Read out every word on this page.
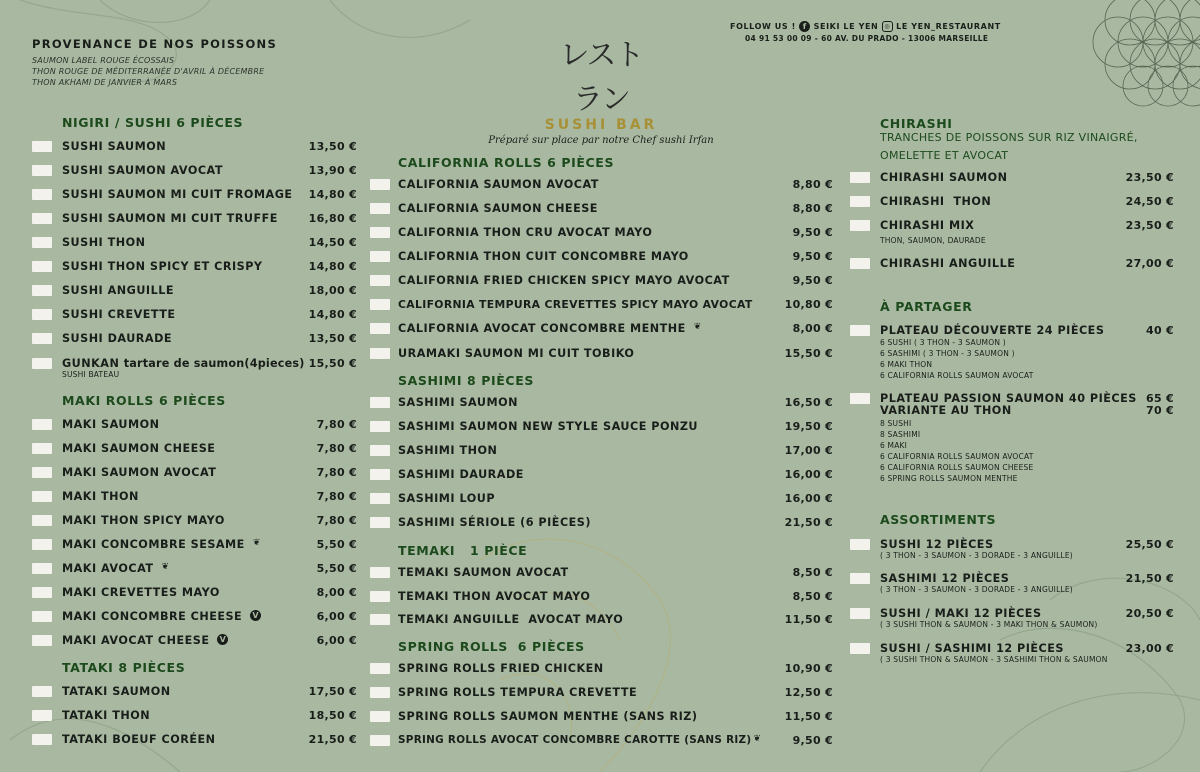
PROVENANCE DE NOS POISSONS
SAUMON LABEL ROUGE ÉCOSSAIS
THON ROUGE DE MÉDITERRANÉE D'AVRIL À DÉCEMBRE
THON AKHAMI DE JANVIER À MARS
FOLLOW US ! f SEIKI LE YEN ◎ LE YEN_RESTAURANT
04 91 53 00 09 - 60 AV. DU PRADO - 13006 MARSEILLE
レストラン
SUSHI BAR
Préparé sur place par notre Chef sushi Irfan
NIGIRI / SUSHI 6 PIÈCES
SUSHI SAUMON	13,50 €
SUSHI SAUMON AVOCAT	13,90 €
SUSHI SAUMON MI CUIT FROMAGE 14,80 €
SUSHI SAUMON MI CUIT TRUFFE	16,80 €
SUSHI THON	14,50 €
SUSHI THON SPICY ET CRISPY	14,80 €
SUSHI ANGUILLE	18,00 €
SUSHI CREVETTE	14,80 €
SUSHI DAURADE	13,50 €
GUNKAN tartare de saumon(4pieces) 15,50 €
SUSHI BATEAU
MAKI ROLLS 6 PIÈCES
MAKI SAUMON	7,80 €
MAKI SAUMON CHEESE	7,80 €
MAKI SAUMON AVOCAT	7,80 €
MAKI THON	7,80 €
MAKI THON SPICY MAYO	7,80 €
MAKI CONCOMBRE SESAME ❦	5,50 €
MAKI AVOCAT ❦	5,50 €
MAKI CREVETTES MAYO	8,00 €
MAKI CONCOMBRE CHEESE V	6,00 €
MAKI AVOCAT CHEESE V	6,00 €
TATAKI 8 PIÈCES
TATAKI SAUMON	17,50 €
TATAKI THON	18,50 €
TATAKI BOEUF CORÉEN	21,50 €
CALIFORNIA ROLLS 6 PIÈCES
CALIFORNIA SAUMON AVOCAT	8,80 €
CALIFORNIA SAUMON CHEESE	8,80 €
CALIFORNIA THON CRU AVOCAT MAYO	9,50 €
CALIFORNIA THON CUIT CONCOMBRE MAYO	9,50 €
CALIFORNIA FRIED CHICKEN SPICY MAYO AVOCAT	9,50 €
CALIFORNIA TEMPURA CREVETTES SPICY MAYO AVOCAT	10,80 €
CALIFORNIA AVOCAT CONCOMBRE MENTHE ❦	8,00 €
URAMAKI SAUMON MI CUIT TOBIKO	15,50 €
SASHIMI 8 PIÈCES
SASHIMI SAUMON	16,50 €
SASHIMI SAUMON NEW STYLE SAUCE PONZU	19,50 €
SASHIMI THON	17,00 €
SASHIMI DAURADE	16,00 €
SASHIMI LOUP	16,00 €
SASHIMI SÉRIOLE (6 PIÈCES)	21,50 €
TEMAKI   1 PIÈCE
TEMAKI SAUMON AVOCAT	8,50 €
TEMAKI THON AVOCAT MAYO	8,50 €
TEMAKI ANGUILLE  AVOCAT MAYO	11,50 €
SPRING ROLLS  6 PIÈCES
SPRING ROLLS FRIED CHICKEN	10,90 €
SPRING ROLLS TEMPURA CREVETTE	12,50 €
SPRING ROLLS SAUMON MENTHE (SANS RIZ)	11,50 €
SPRING ROLLS AVOCAT CONCOMBRE CAROTTE (SANS RIZ) ❦	9,50 €
CHIRASHI
TRANCHES DE POISSONS SUR RIZ VINAIGRÉ,
OMELETTE ET AVOCAT
CHIRASHI SAUMON	23,50 €
CHIRASHI  THON	24,50 €
CHIRASHI MIX	23,50 €
THON, SAUMON, DAURADE
CHIRASHI ANGUILLE	27,00 €
À PARTAGER
PLATEAU DÉCOUVERTE 24 PIÈCES	40 €
6 SUSHI ( 3 THON - 3 SAUMON )
6 SASHIMI ( 3 THON - 3 SAUMON )
6 MAKI THON
6 CALIFORNIA ROLLS SAUMON AVOCAT
PLATEAU PASSION SAUMON 40 PIÈCES 65 €
VARIANTE AU THON	70 €
8 SUSHI
8 SASHIMI
6 MAKI
6 CALIFORNIA ROLLS SAUMON AVOCAT
6 CALIFORNIA ROLLS SAUMON CHEESE
6 SPRING ROLLS SAUMON MENTHE
ASSORTIMENTS
SUSHI 12 PIÈCES	25,50 €
( 3 THON - 3 SAUMON - 3 DORADE - 3 ANGUILLE)
SASHIMI 12 PIÈCES	21,50 €
( 3 THON - 3 SAUMON - 3 DORADE - 3 ANGUILLE)
SUSHI / MAKI 12 PIÈCES	20,50 €
( 3 SUSHI THON & SAUMON - 3 MAKI THON & SAUMON)
SUSHI / SASHIMI 12 PIÈCES	23,00 €
( 3 SUSHI THON & SAUMON - 3 SASHIMI THON & SAUMON
